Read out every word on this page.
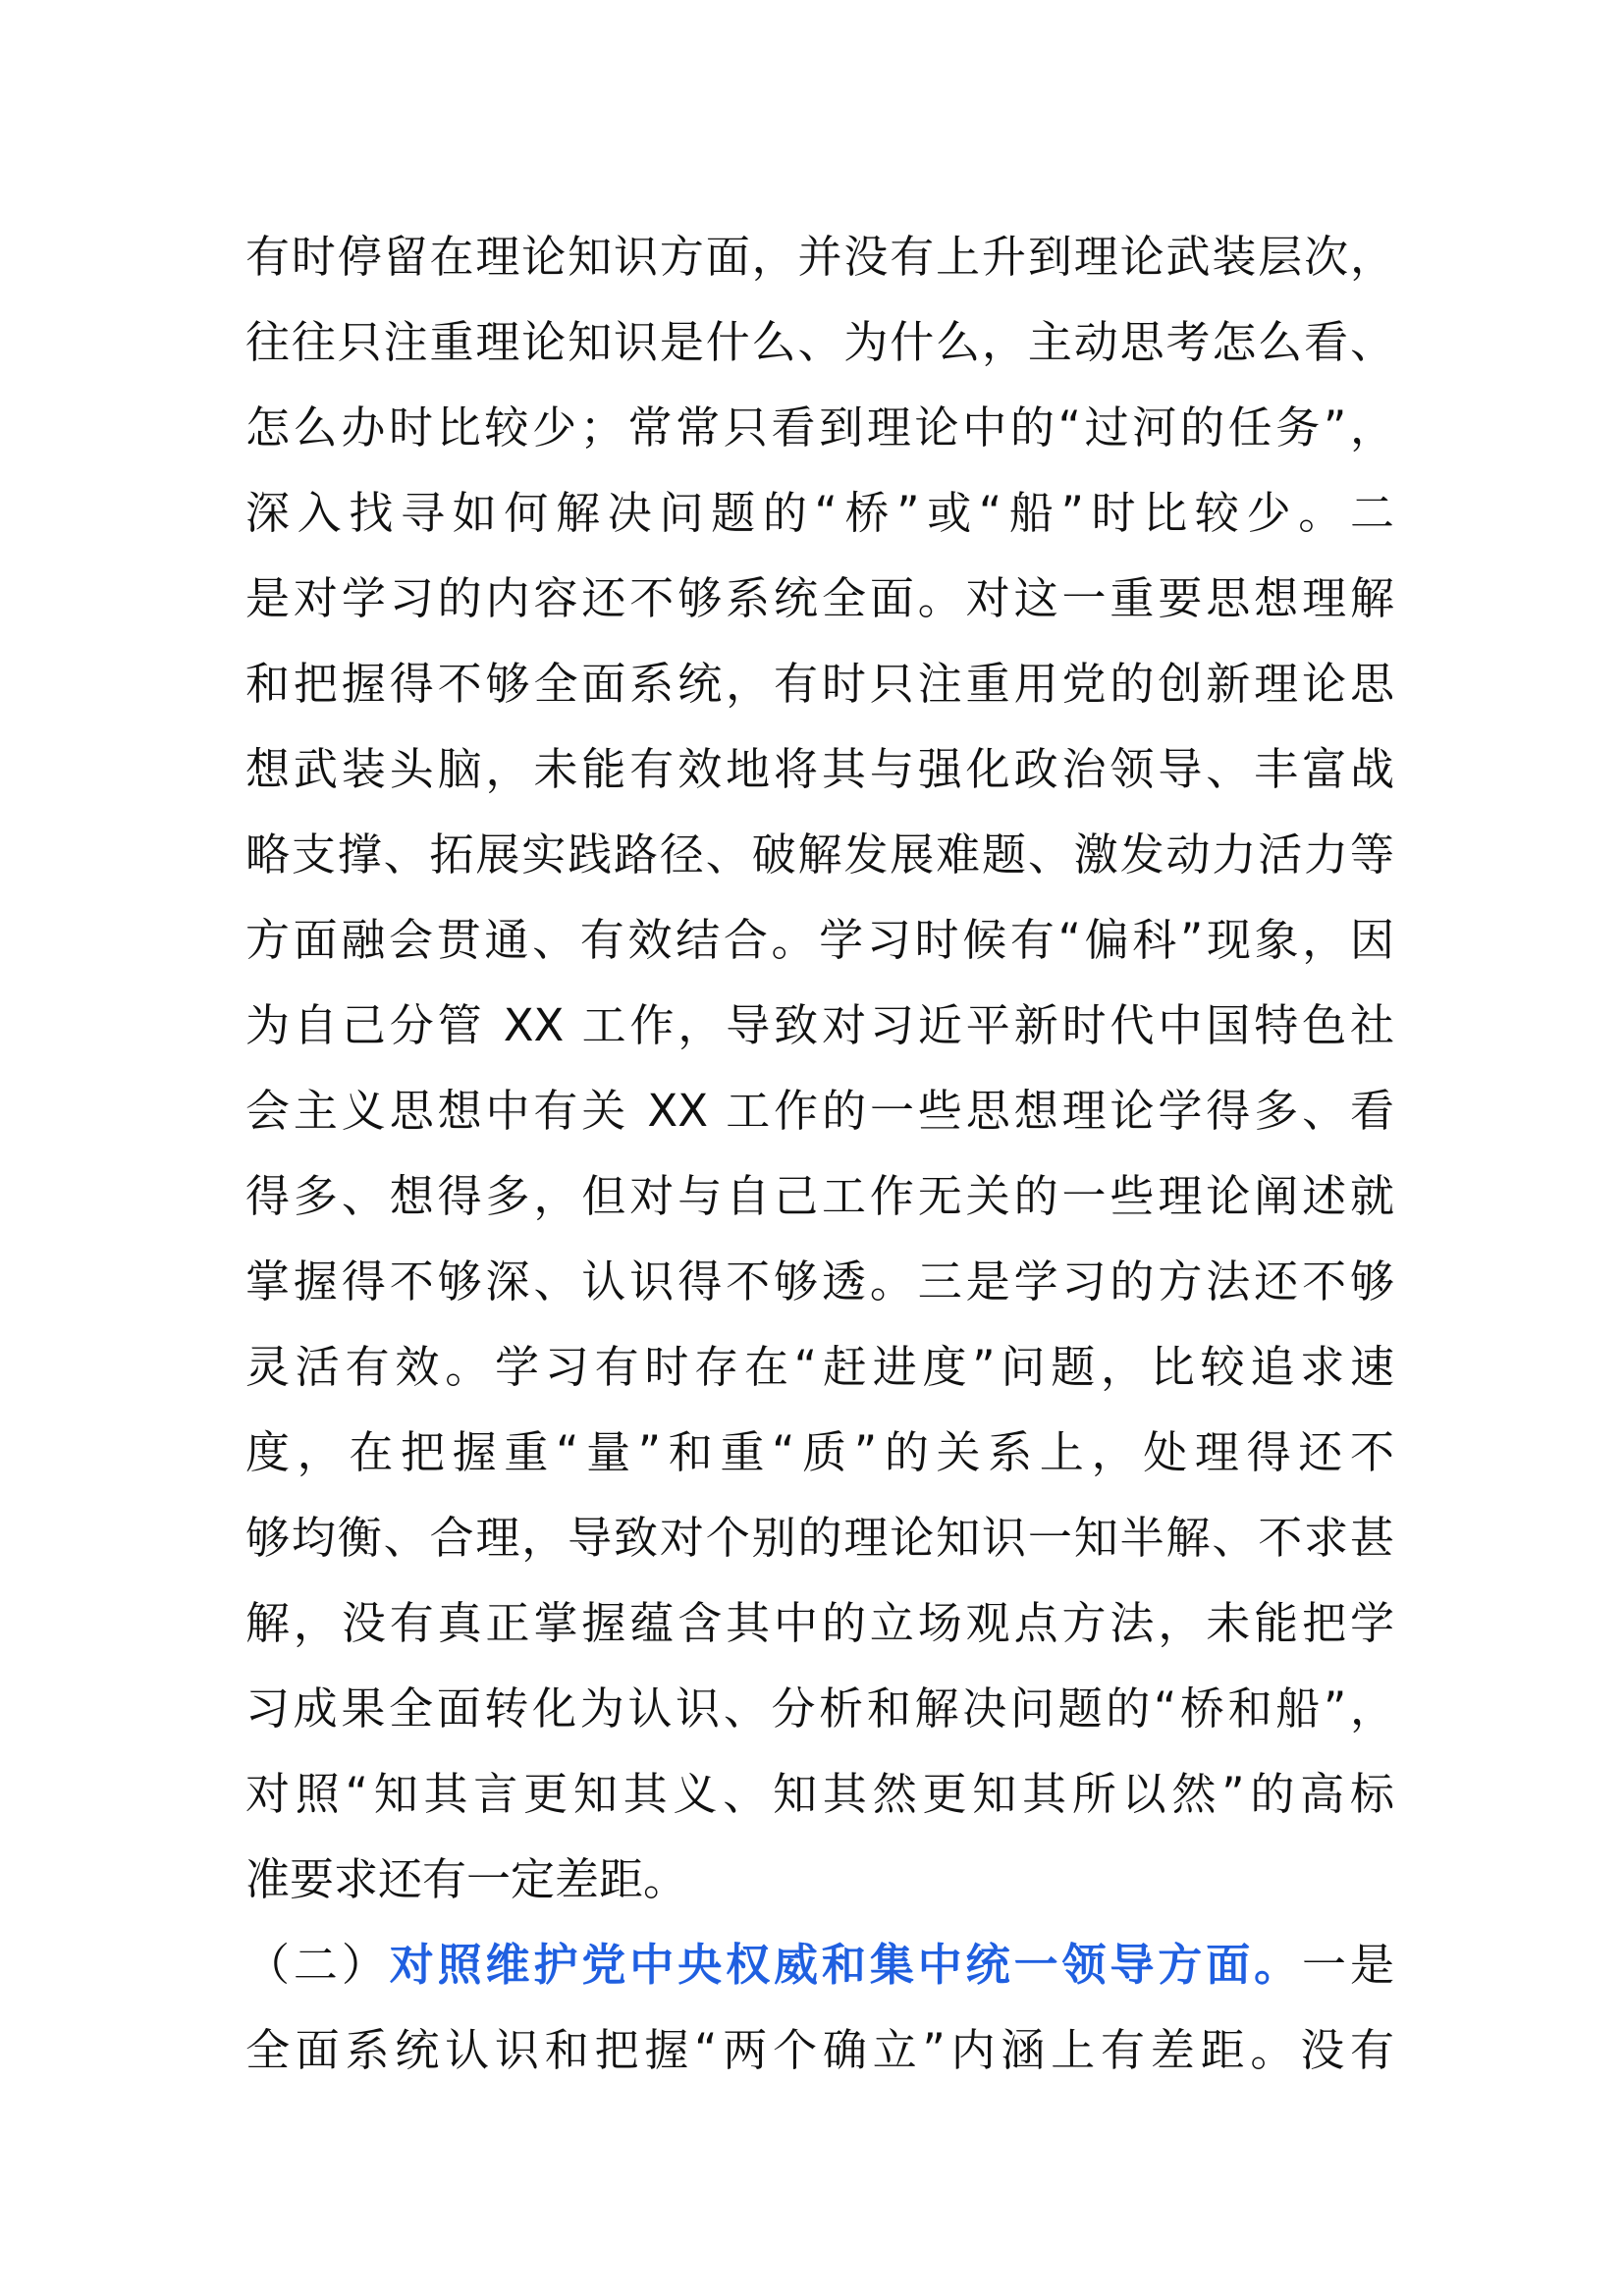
有时停留在理论知识方面，并没有上升到理论武装层次，
往往只注重理论知识是什么、为什么，主动思考怎么看、
怎么办时比较少；常常只看到理论中的“过河的任务”，
深入找寻如何解决问题的“桥”或“船”时比较少。二
是对学习的内容还不够系统全面。对这一重要思想理解
和把握得不够全面系统，有时只注重用党的创新理论思
想武装头脑，未能有效地将其与强化政治领导、丰富战
略支撑、拓展实践路径、破解发展难题、激发动力活力等
方面融会贯通、有效结合。学习时候有“偏科”现象，因
为自己分管 XX 工作，导致对习近平新时代中国特色社
会主义思想中有关 XX 工作的一些思想理论学得多、看
得多、想得多，但对与自己工作无关的一些理论阐述就
掌握得不够深、认识得不够透。三是学习的方法还不够
灵活有效。学习有时存在“赶进度”问题，比较追求速
度，在把握重“量”和重“质”的关系上，处理得还不
够均衡、合理，导致对个别的理论知识一知半解、不求甚
解，没有真正掌握蕴含其中的立场观点方法，未能把学
习成果全面转化为认识、分析和解决问题的“桥和船”，
对照“知其言更知其义、知其然更知其所以然”的高标
准要求还有一定差距。
（二）对照维护党中央权威和集中统一领导方面。一是
全面系统认识和把握“两个确立”内涵上有差距。没有
